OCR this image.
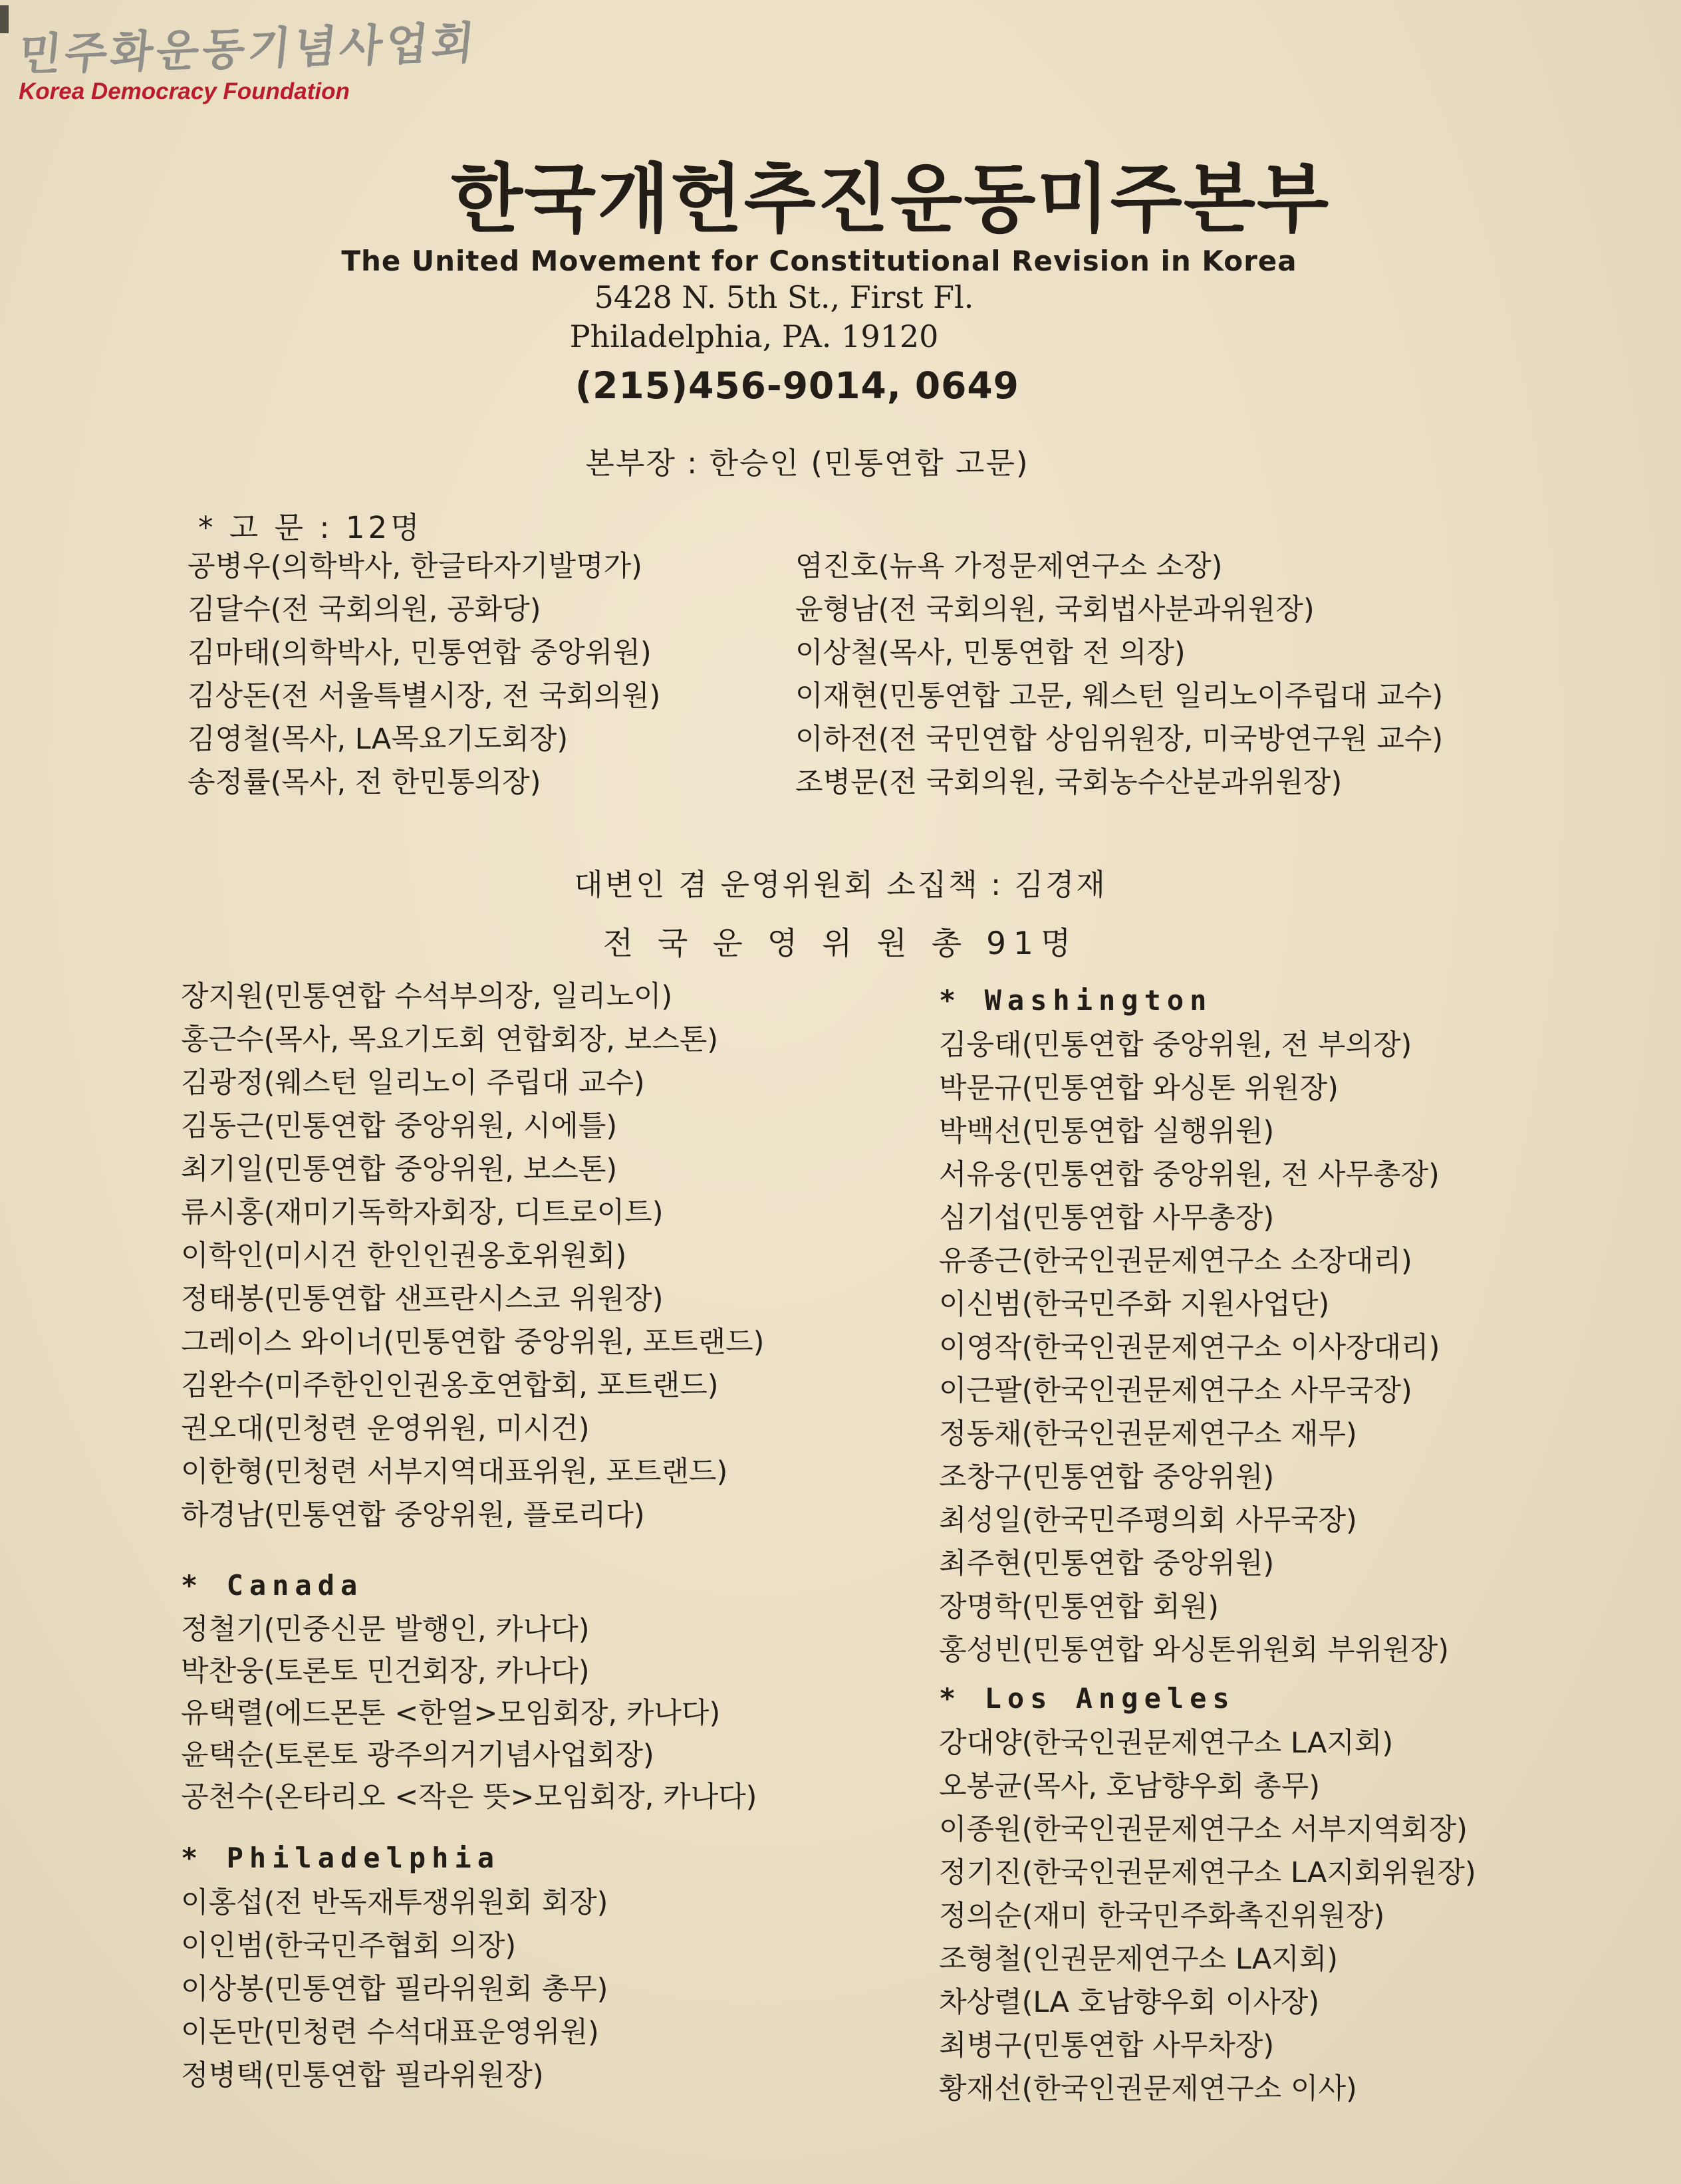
민주화운동기념사업회
Korea Democracy Foundation
한국개헌추진운동미주본부
The United Movement for Constitutional Revision in Korea
5428 N. 5th St., First Fl.
Philadelphia, PA. 19120
(215)456-9014, 0649
본부장 : 한승인 (민통연합 고문)
* 고 문 : 12명
공병우(의학박사, 한글타자기발명가)
김달수(전 국회의원, 공화당)
김마태(의학박사, 민통연합 중앙위원)
김상돈(전 서울특별시장, 전 국회의원)
김영철(목사, LA목요기도회장)
송정률(목사, 전 한민통의장)
염진호(뉴욕 가정문제연구소 소장)
윤형남(전 국회의원, 국회법사분과위원장)
이상철(목사, 민통연합 전 의장)
이재현(민통연합 고문, 웨스턴 일리노이주립대 교수)
이하전(전 국민연합 상임위원장, 미국방연구원 교수)
조병문(전 국회의원, 국회농수산분과위원장)
대변인 겸 운영위원회 소집책 : 김경재
전 국 운 영 위 원 총 91명
장지원(민통연합 수석부의장, 일리노이)
홍근수(목사, 목요기도회 연합회장, 보스톤)
김광정(웨스턴 일리노이 주립대 교수)
김동근(민통연합 중앙위원, 시에틀)
최기일(민통연합 중앙위원, 보스톤)
류시홍(재미기독학자회장, 디트로이트)
이학인(미시건 한인인권옹호위원회)
정태봉(민통연합 샌프란시스코 위원장)
그레이스 와이너(민통연합 중앙위원, 포트랜드)
김완수(미주한인인권옹호연합회, 포트랜드)
권오대(민청련 운영위원, 미시건)
이한형(민청련 서부지역대표위원, 포트랜드)
하경남(민통연합 중앙위원, 플로리다)
* Canada
정철기(민중신문 발행인, 카나다)
박찬웅(토론토 민건회장, 카나다)
유택렬(에드몬톤 <한얼>모임회장, 카나다)
윤택순(토론토 광주의거기념사업회장)
공천수(온타리오 <작은 뜻>모임회장, 카나다)
* Philadelphia
이홍섭(전 반독재투쟁위원회 회장)
이인범(한국민주협회 의장)
이상봉(민통연합 필라위원회 총무)
이돈만(민청련 수석대표운영위원)
정병택(민통연합 필라위원장)
* Washington
김웅태(민통연합 중앙위원, 전 부의장)
박문규(민통연합 와싱톤 위원장)
박백선(민통연합 실행위원)
서유웅(민통연합 중앙위원, 전 사무총장)
심기섭(민통연합 사무총장)
유종근(한국인권문제연구소 소장대리)
이신범(한국민주화 지원사업단)
이영작(한국인권문제연구소 이사장대리)
이근팔(한국인권문제연구소 사무국장)
정동채(한국인권문제연구소 재무)
조창구(민통연합 중앙위원)
최성일(한국민주평의회 사무국장)
최주현(민통연합 중앙위원)
장명학(민통연합 회원)
홍성빈(민통연합 와싱톤위원회 부위원장)
* Los Angeles
강대양(한국인권문제연구소 LA지회)
오봉균(목사, 호남향우회 총무)
이종원(한국인권문제연구소 서부지역회장)
정기진(한국인권문제연구소 LA지회위원장)
정의순(재미 한국민주화촉진위원장)
조형철(인권문제연구소 LA지회)
차상렬(LA 호남향우회 이사장)
최병구(민통연합 사무차장)
황재선(한국인권문제연구소 이사)
